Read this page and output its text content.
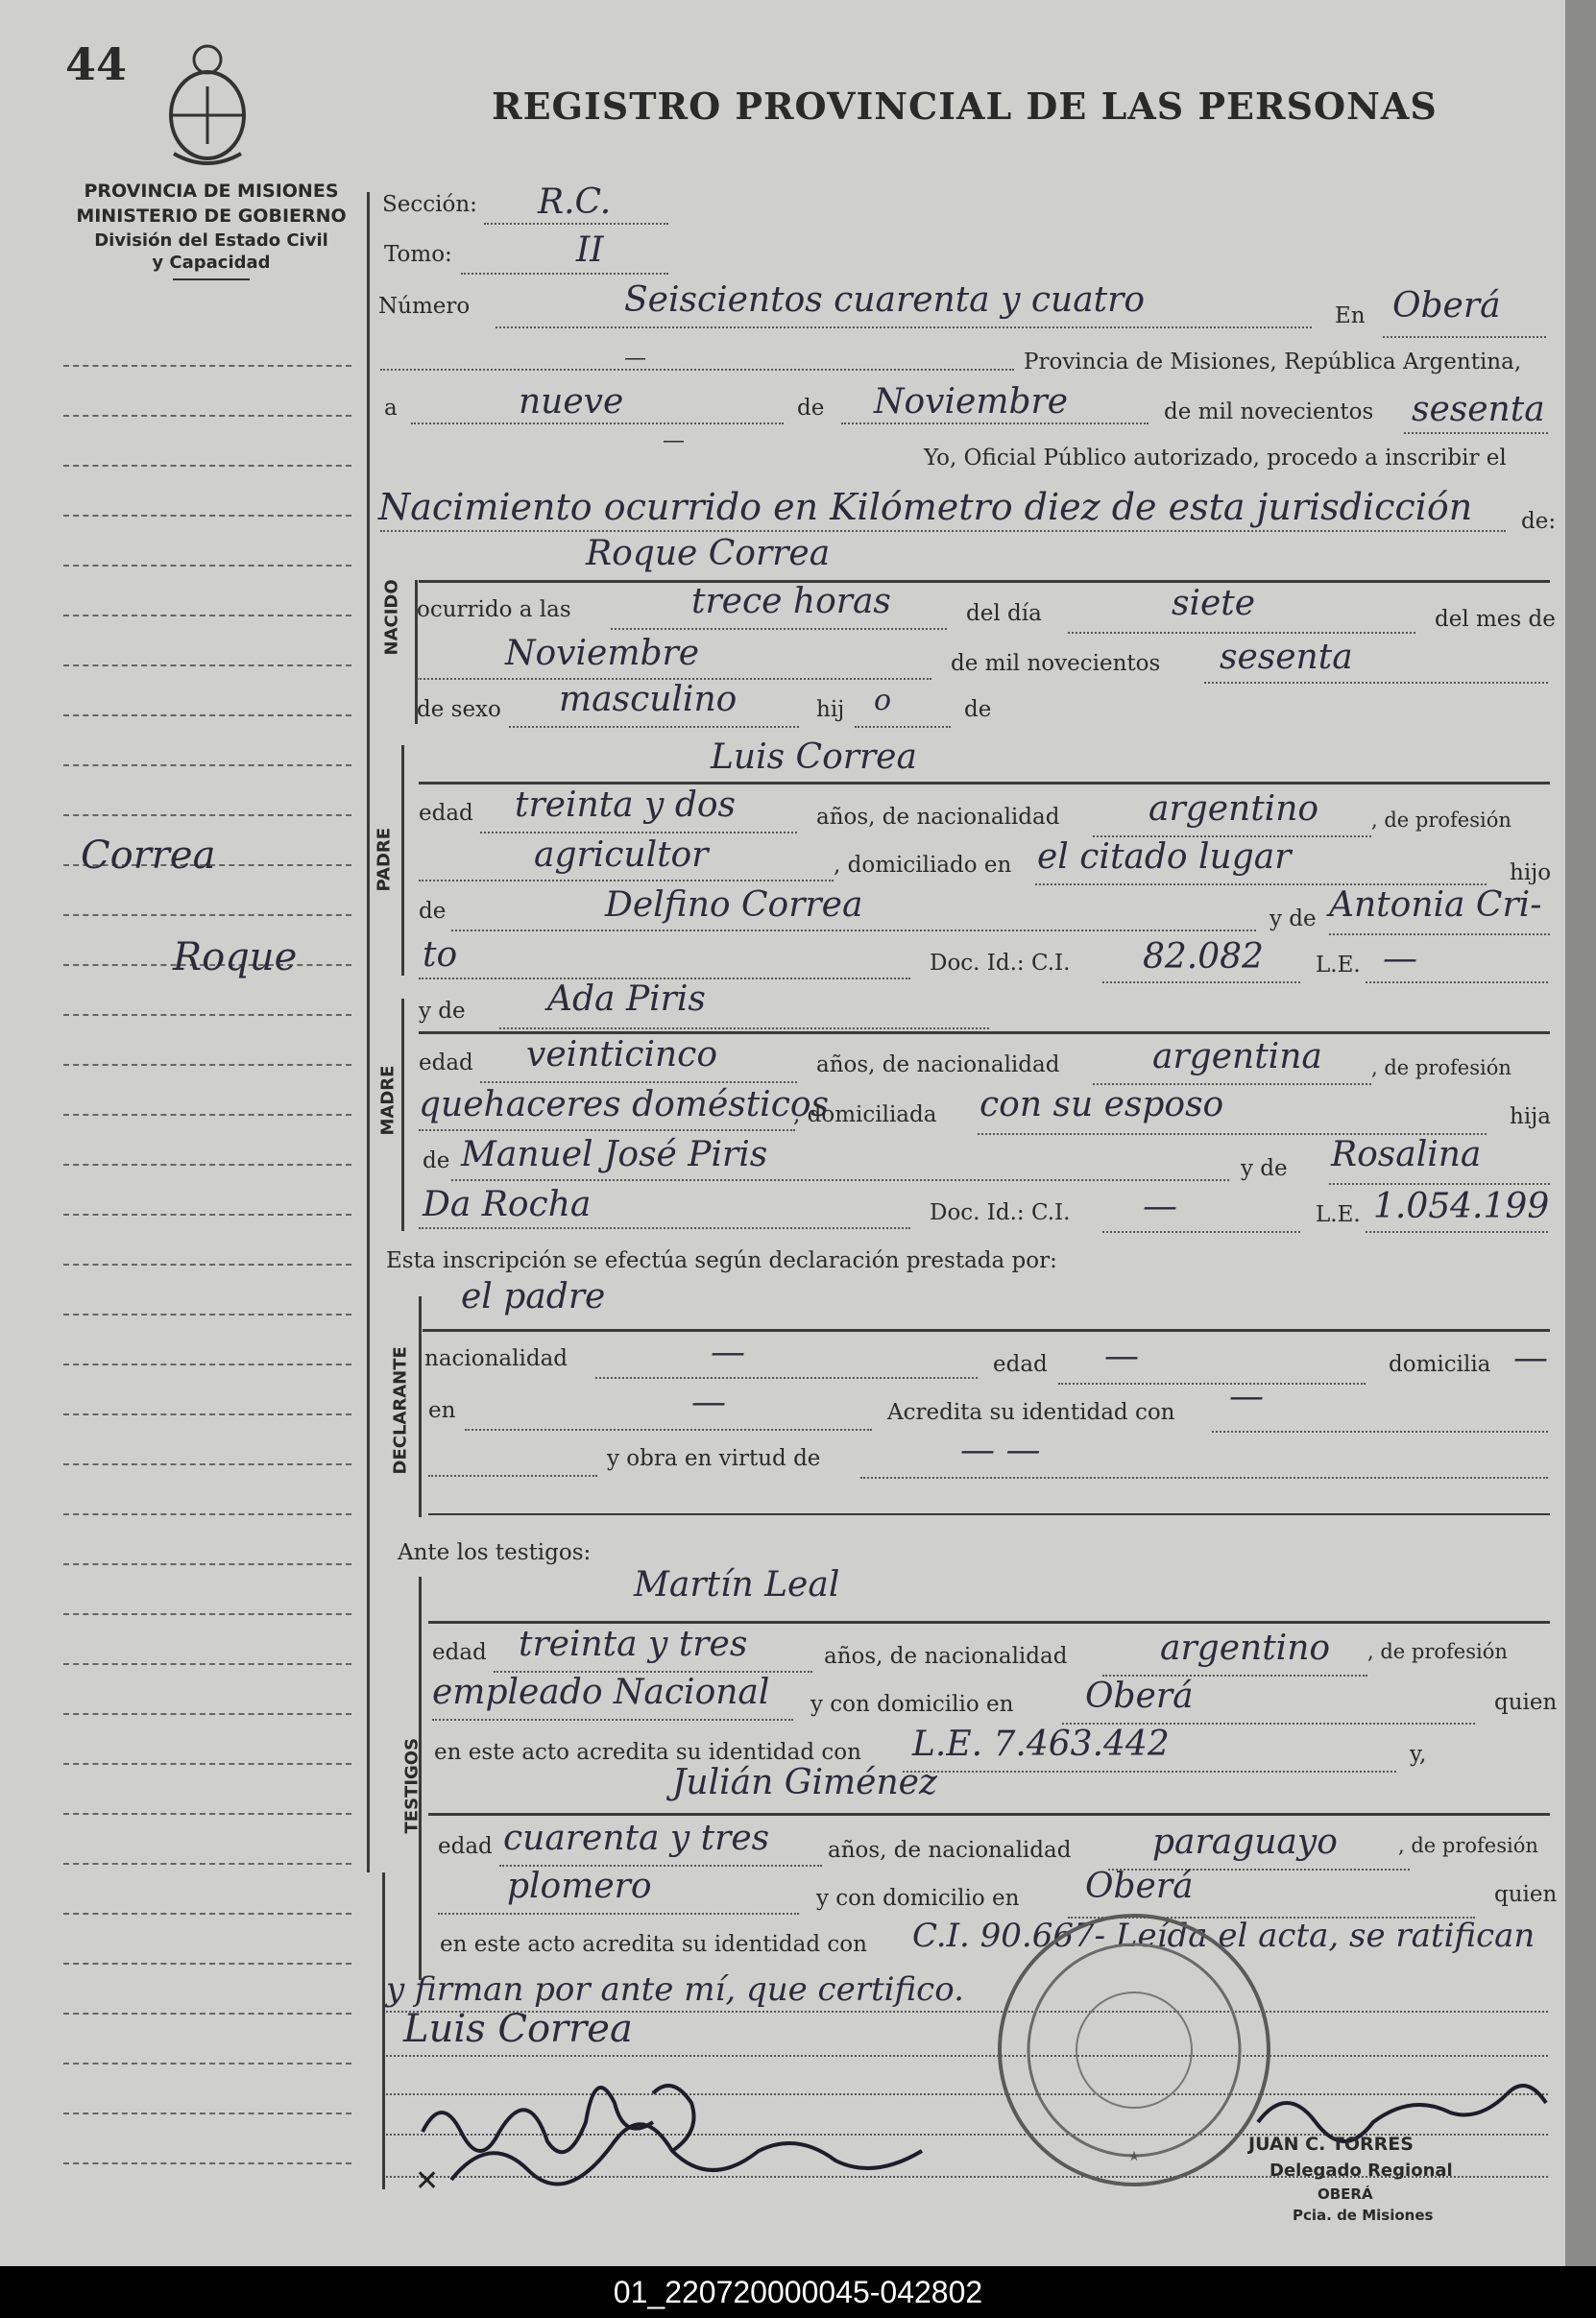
44
REGISTRO PROVINCIAL DE LAS PERSONAS
PROVINCIA DE MISIONES
MINISTERIO DE GOBIERNO
División del Estado Civil
y Capacidad
Correa
Roque
Sección: R.C.
Tomo:	II
Número	Seiscientos cuarenta y cuatro	En Oberá
—	Provincia de Misiones, República Argentina,
a	nueve	de Noviembre	de mil novecientos sesenta
—
Yo, Oficial Público autorizado, procedo a inscribir el
Nacimiento ocurrido en Kilómetro diez de esta jurisdicción de:
Roque Correa
NACIDO ocurrido a las	trece horas	del día	siete	del mes de
Noviembre	de mil novecientos sesenta
de sexo masculino	hij o	de
Luis Correa
PADRE
edad treinta y dos	años, de nacionalidad	argentino	, de profesión
agricultor	, domiciliado en el citado lugar	hijo
de	Delfino Correa	y de Antonia Cri-
to	Doc. Id.: C.I. 82.082 L.E. —
y de Ada Piris
MADRE
edad veinticinco	años, de nacionalidad	argentina , de profesión
quehaceres domésticos
, domiciliada con su esposo	hija
de Manuel José Piris	y de Rosalina
Da Rocha	Doc. Id.: C.I. —	L.E. 1.054.199
Esta inscripción se efectúa según declaración prestada por:
el padre
DECLARANTE nacionalidad	—	edad —	domicilia —
en	—	Acredita su identidad con —
y obra en virtud de	— —
Ante los testigos:
Martín Leal
TESTIGOS
edad treinta y tres	años, de nacionalidad	argentino , de profesión
empleado Nacional y con domicilio en Oberá	quien
en este acto acredita su identidad con L.E. 7.463.442	y,
Julián Giménez
edad cuarenta y tres	años, de nacionalidad paraguayo	, de profesión
plomero	y con domicilio en Oberá	quien
en este acto acredita su identidad con C.I. 90.667- Leída el acta, se ratifican
y firman por ante mí, que certifico.
Luis Correa
★
JUAN C. TORRES
Delegado Regional
OBERÁ
Pcia. de Misiones
✕
01_220720000045-042802
